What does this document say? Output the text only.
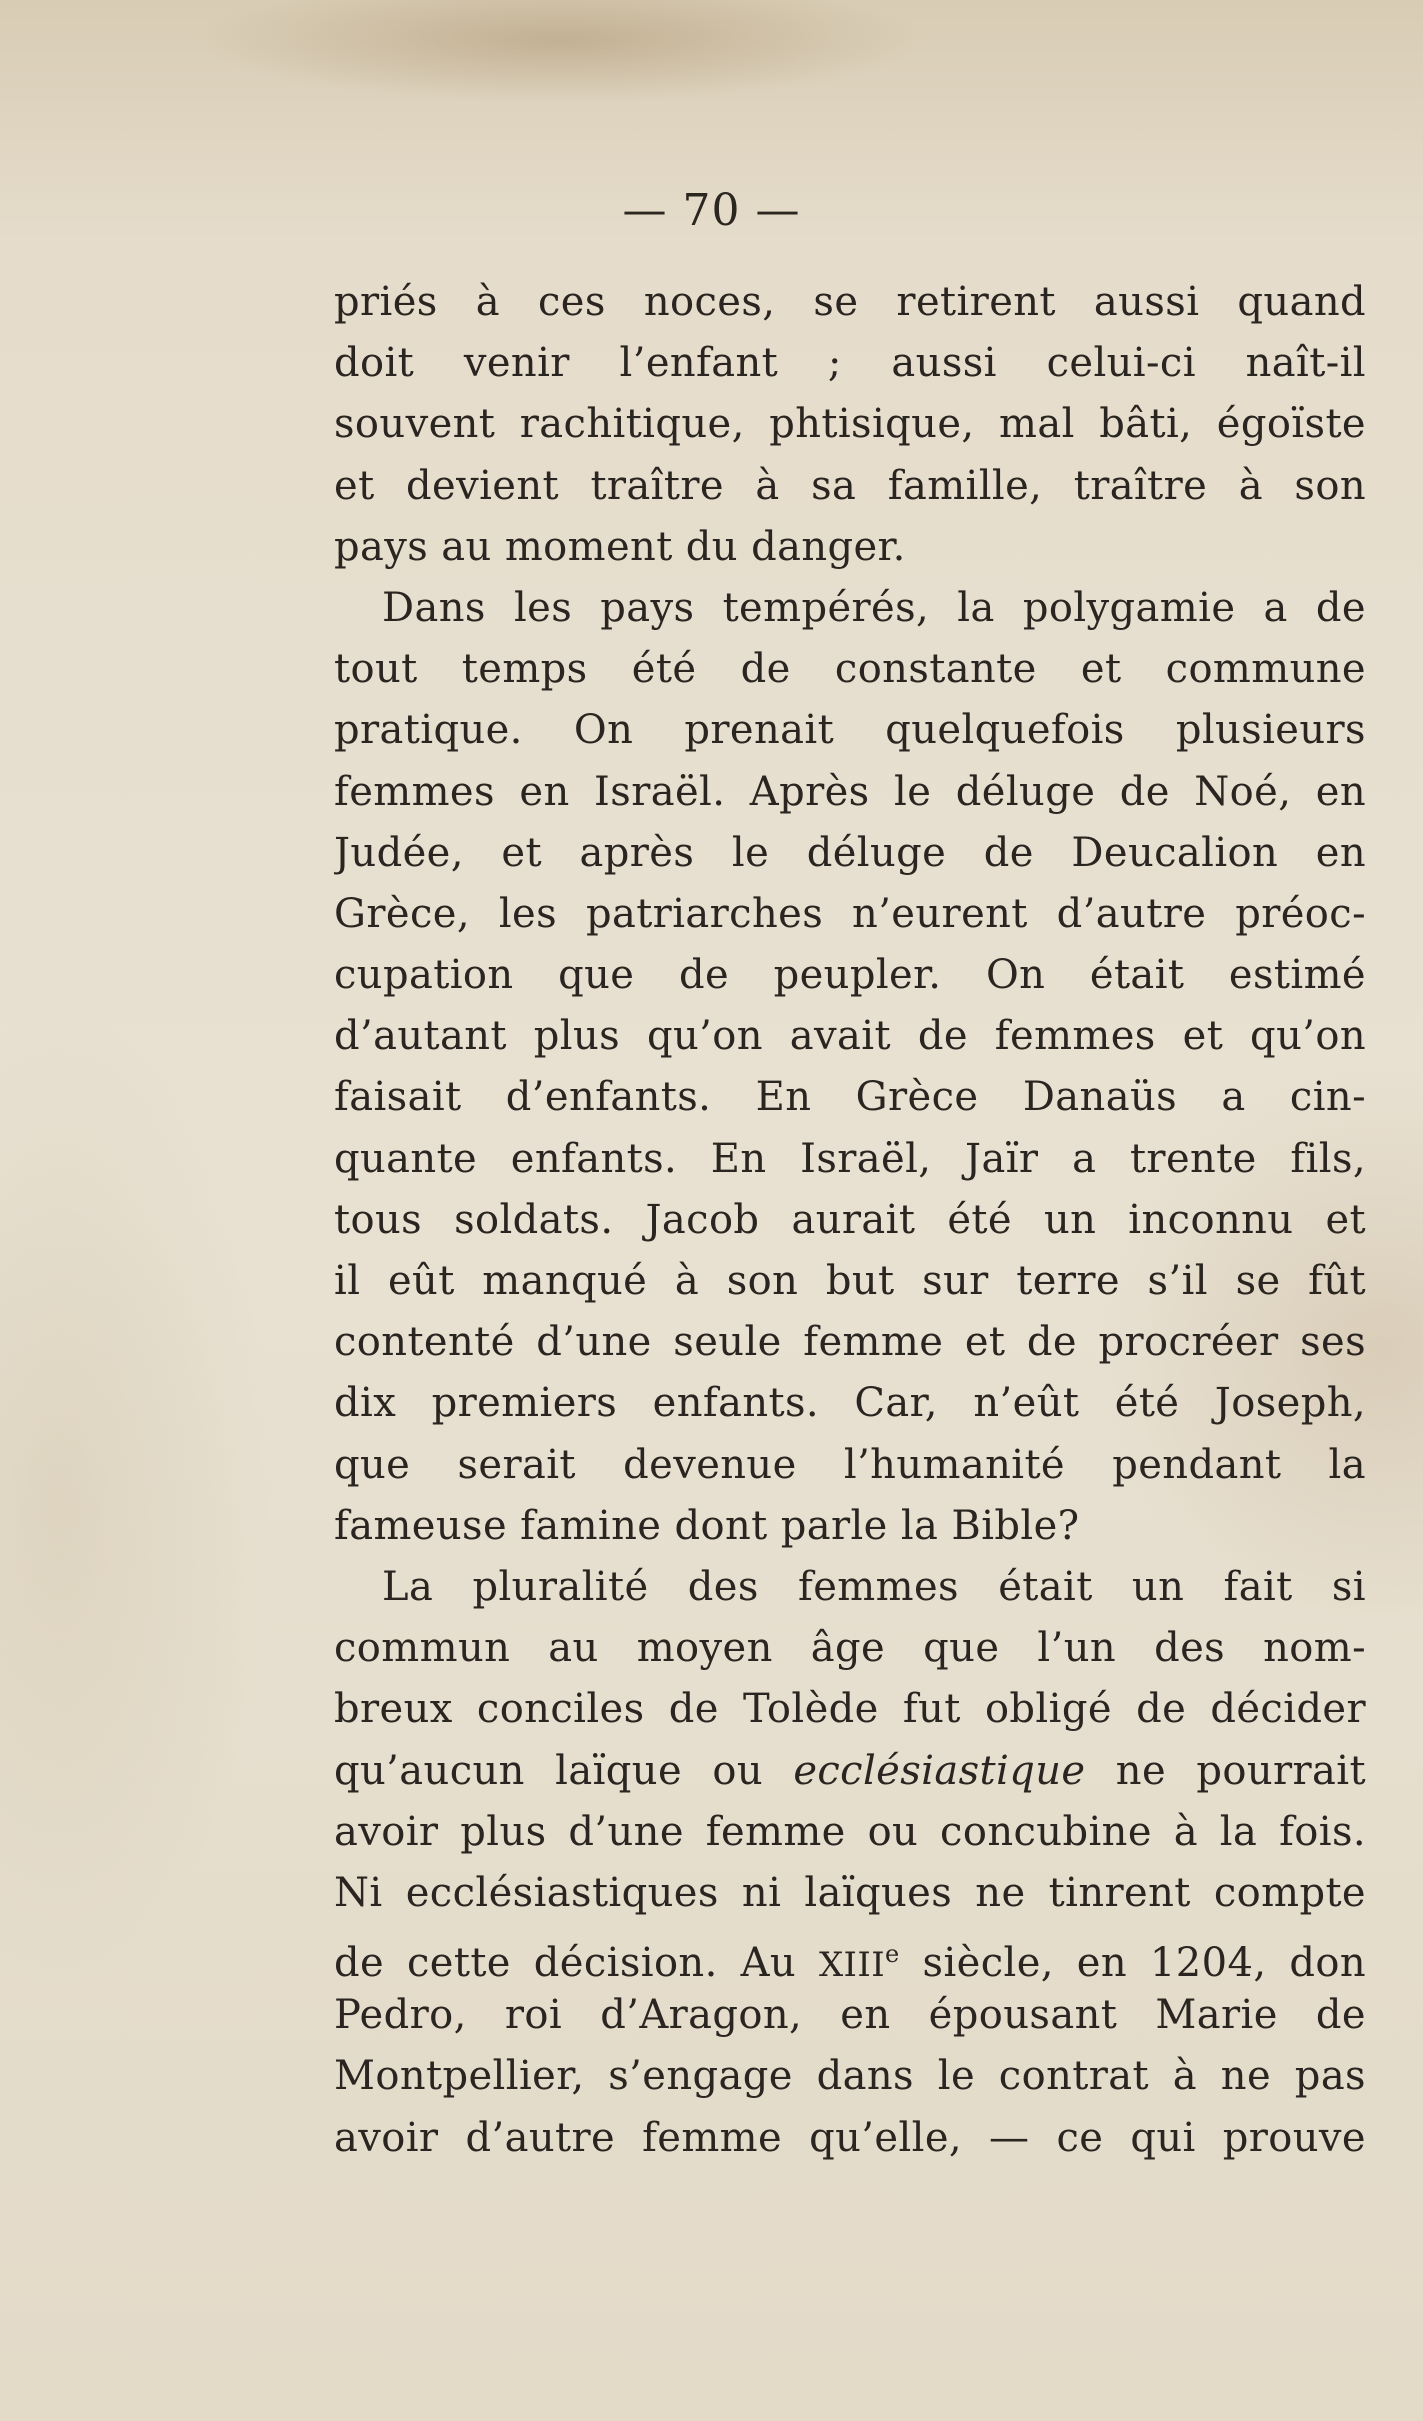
— 70 —
priés à ces noces, se retirent aussi quand
doit venir l’enfant ; aussi celui-ci naît-il
souvent rachitique, phtisique, mal bâti, égoïste
et devient traître à sa famille, traître à son
pays au moment du danger.
Dans les pays tempérés, la polygamie a de
tout temps été de constante et commune
pratique. On prenait quelquefois plusieurs
femmes en Israël. Après le déluge de Noé, en
Judée, et après le déluge de Deucalion en
Grèce, les patriarches n’eurent d’autre préoc-
cupation que de peupler. On était estimé
d’autant plus qu’on avait de femmes et qu’on
faisait d’enfants. En Grèce Danaüs a cin-
quante enfants. En Israël, Jaïr a trente fils,
tous soldats. Jacob aurait été un inconnu et
il eût manqué à son but sur terre s’il se fût
contenté d’une seule femme et de procréer ses
dix premiers enfants. Car, n’eût été Joseph,
que serait devenue l’humanité pendant la
fameuse famine dont parle la Bible?
La pluralité des femmes était un fait si
commun au moyen âge que l’un des nom-
breux conciles de Tolède fut obligé de décider
qu’aucun laïque ou ecclésiastique ne pourrait
avoir plus d’une femme ou concubine à la fois.
Ni ecclésiastiques ni laïques ne tinrent compte
de cette décision. Au XIIIe siècle, en 1204, don
Pedro, roi d’Aragon, en épousant Marie de
Montpellier, s’engage dans le contrat à ne pas
avoir d’autre femme qu’elle, — ce qui prouve
